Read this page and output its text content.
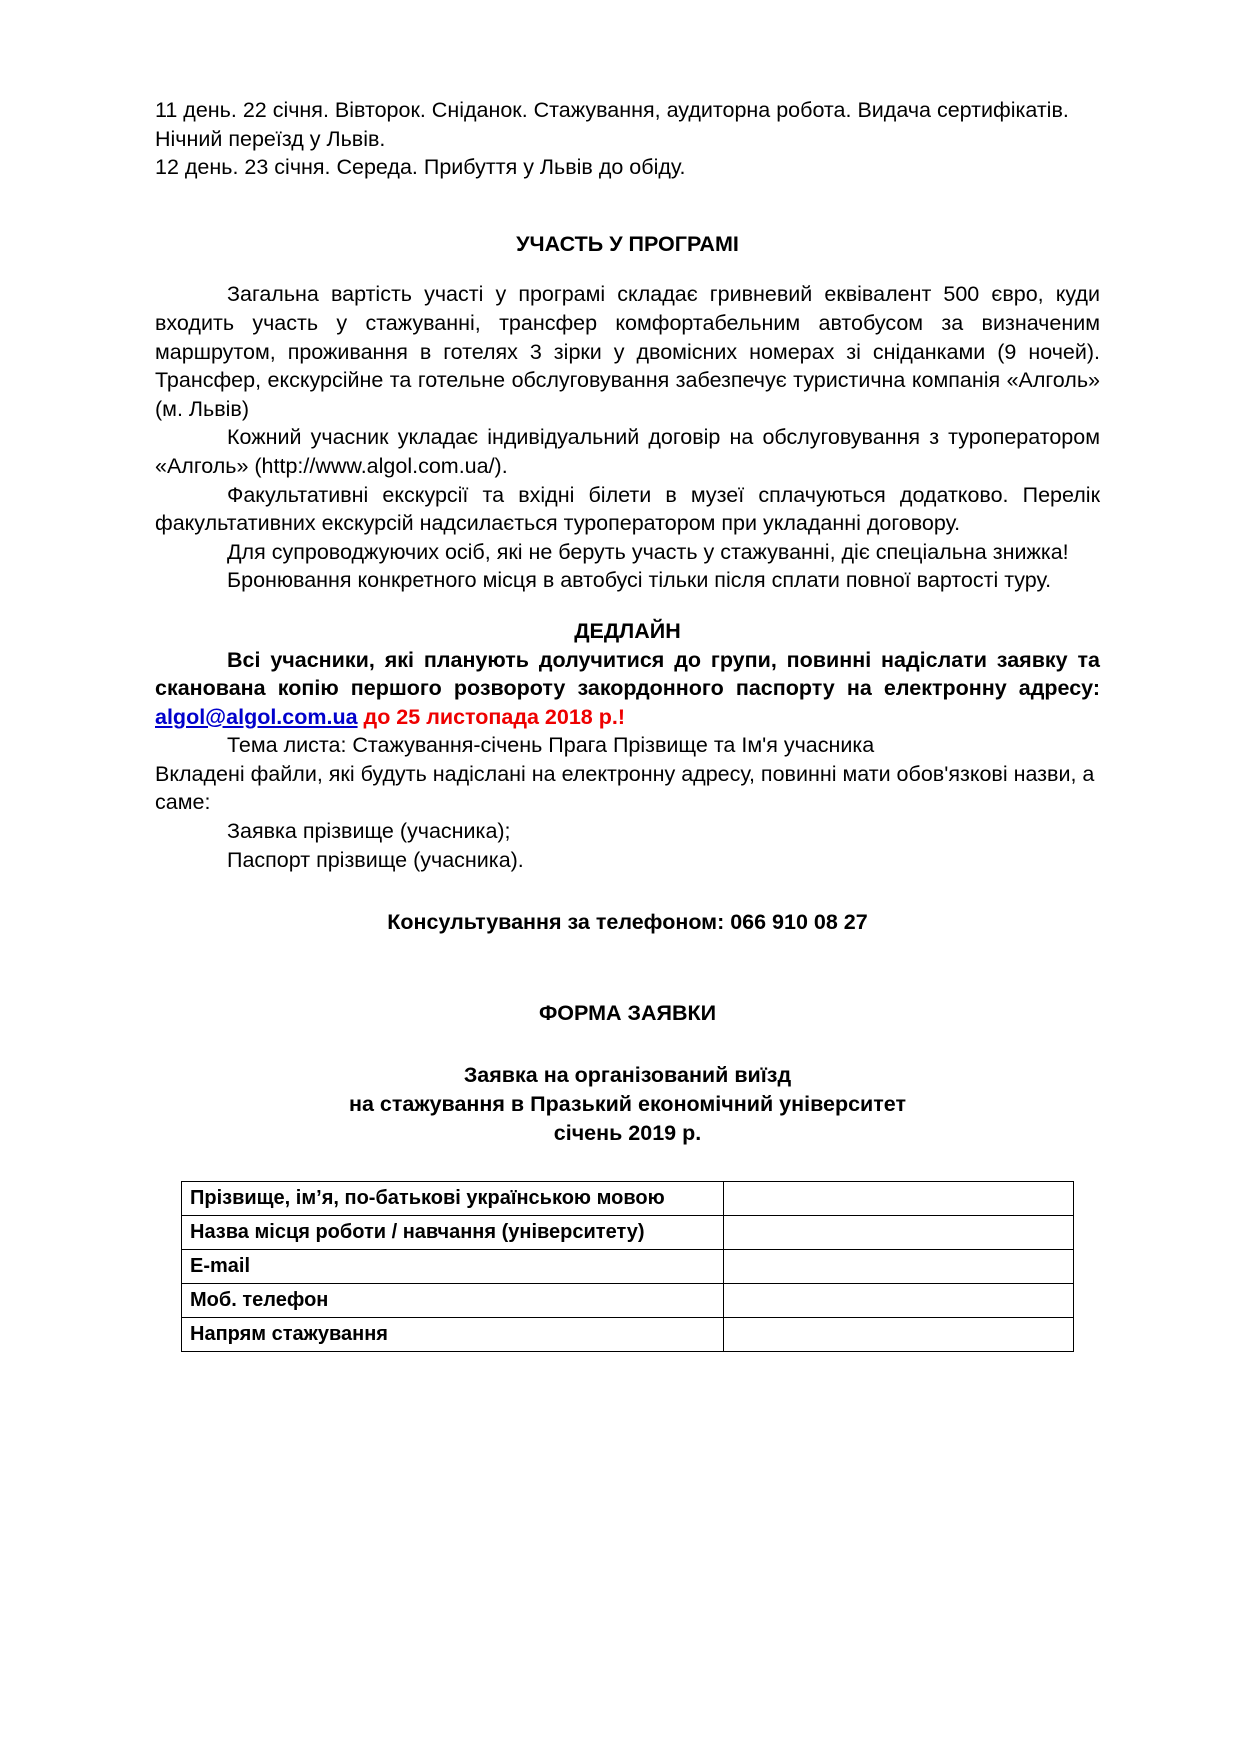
11 день. 22 січня. Вівторок. Сніданок. Стажування, аудиторна робота. Видача сертифікатів. Нічний переїзд у Львів.

12 день. 23 січня. Середа. Прибуття у Львів до обіду.

УЧАСТЬ У ПРОГРАМІ

Загальна вартість участі у програмі складає гривневий еквівалент 500 євро, куди входить участь у стажуванні, трансфер комфортабельним автобусом за визначеним маршрутом, проживання в готелях 3 зірки у двомісних номерах зі сніданками (9 ночей). Трансфер, екскурсійне та готельне обслуговування забезпечує туристична компанія «Алголь» (м. Львів)

Кожний учасник укладає індивідуальний договір на обслуговування з туроператором «Алголь» (http://www.algol.com.ua/).

Факультативні екскурсії та вхідні білети в музеї сплачуються додатково. Перелік факультативних екскурсій надсилається туроператором при укладанні договору.

Для супроводжуючих осіб, які не беруть участь у стажуванні, діє спеціальна знижка!

Бронювання конкретного місця в автобусі тільки після сплати повної вартості туру.

ДЕДЛАЙН

Всі учасники, які планують долучитися до групи, повинні надіслати заявку та сканована копію першого розвороту закордонного паспорту на електронну адресу: algol@algol.com.ua до 25 листопада 2018 р.!

Тема листа: Стажування-січень Прага Прізвище та Ім'я учасника

Вкладені файли, які будуть надіслані на електронну адресу, повинні мати обов'язкові назви, а саме:

Заявка прізвище (учасника);

Паспорт прізвище (учасника).

Консультування за телефоном: 066 910 08 27

ФОРМА ЗАЯВКИ

Заявка на організований виїзд

на стажування в Празький економічний університет

січень 2019 р.

Прізвище, ім’я, по-батькові українською мовою	
Назва місця роботи / навчання (університету)	
E-mail	
Моб. телефон	
Напрям стажування	
